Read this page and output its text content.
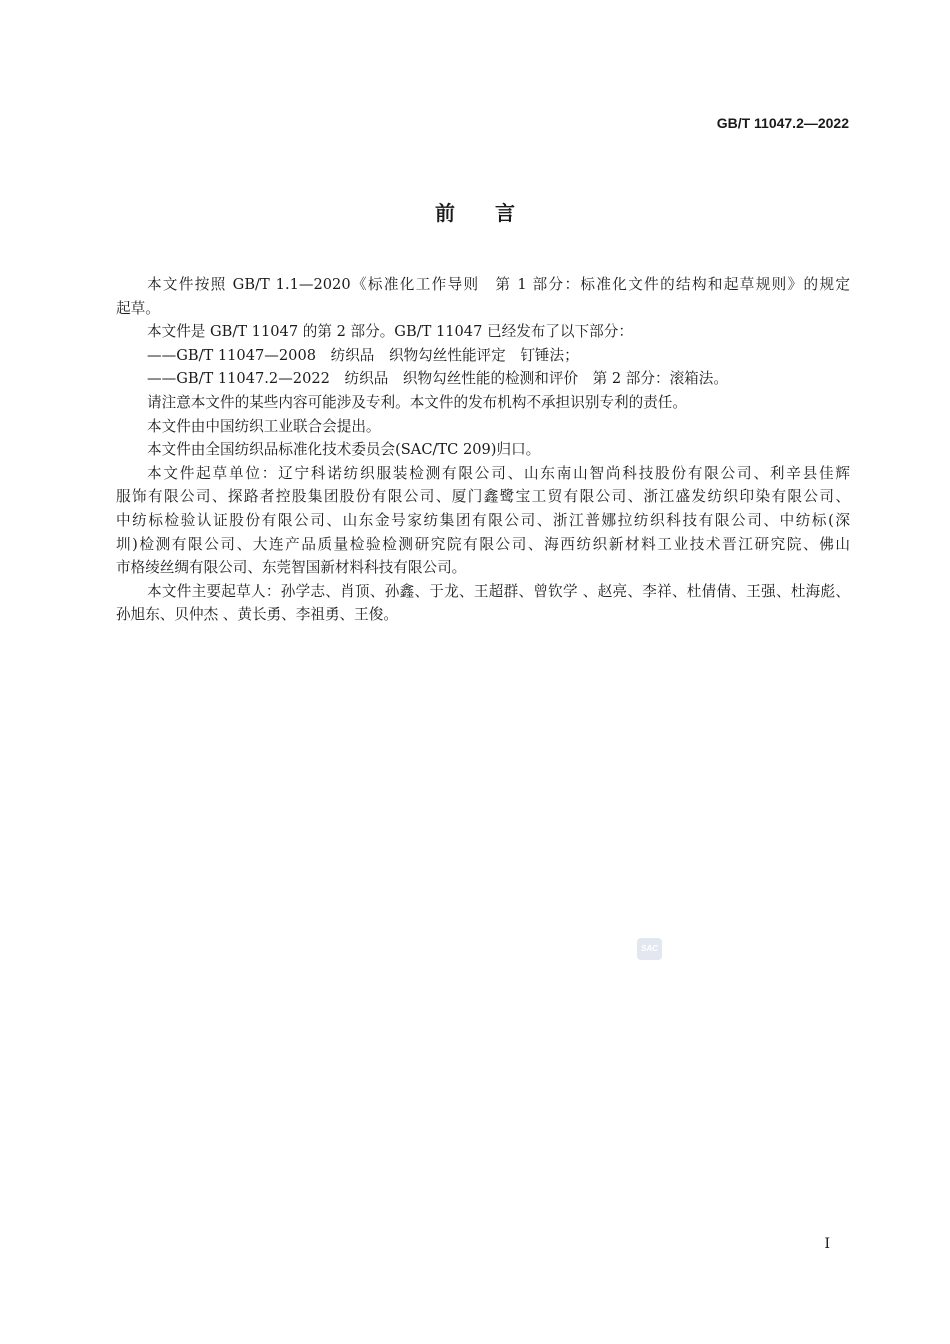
GB/T 11047.2—2022
前言
本文件按照 GB/T 1.1—2020《标准化工作导则　第 1 部分：标准化文件的结构和起草规则》的规定
起草。
本文件是 GB/T 11047 的第 2 部分。GB/T 11047 已经发布了以下部分：
——GB/T 11047—2008　纺织品　织物勾丝性能评定　钉锤法；
——GB/T 11047.2—2022　纺织品　织物勾丝性能的检测和评价　第 2 部分：滚箱法。
请注意本文件的某些内容可能涉及专利。本文件的发布机构不承担识别专利的责任。
本文件由中国纺织工业联合会提出。
本文件由全国纺织品标准化技术委员会(SAC/TC 209)归口。
本文件起草单位：辽宁科诺纺织服装检测有限公司、山东南山智尚科技股份有限公司、利辛县佳辉
服饰有限公司、探路者控股集团股份有限公司、厦门鑫鹭宝工贸有限公司、浙江盛发纺织印染有限公司、
中纺标检验认证股份有限公司、山东金号家纺集团有限公司、浙江普娜拉纺织科技有限公司、中纺标(深
圳)检测有限公司、大连产品质量检验检测研究院有限公司、海西纺织新材料工业技术晋江研究院、佛山
市格绫丝绸有限公司、东莞智国新材料科技有限公司。
本文件主要起草人：孙学志、肖顶、孙鑫、于龙、王超群、曾钦学 、赵亮、李祥、杜倩倩、王强、杜海彪、
孙旭东、贝仲杰 、黄长勇、李祖勇、王俊。
SAC
I
